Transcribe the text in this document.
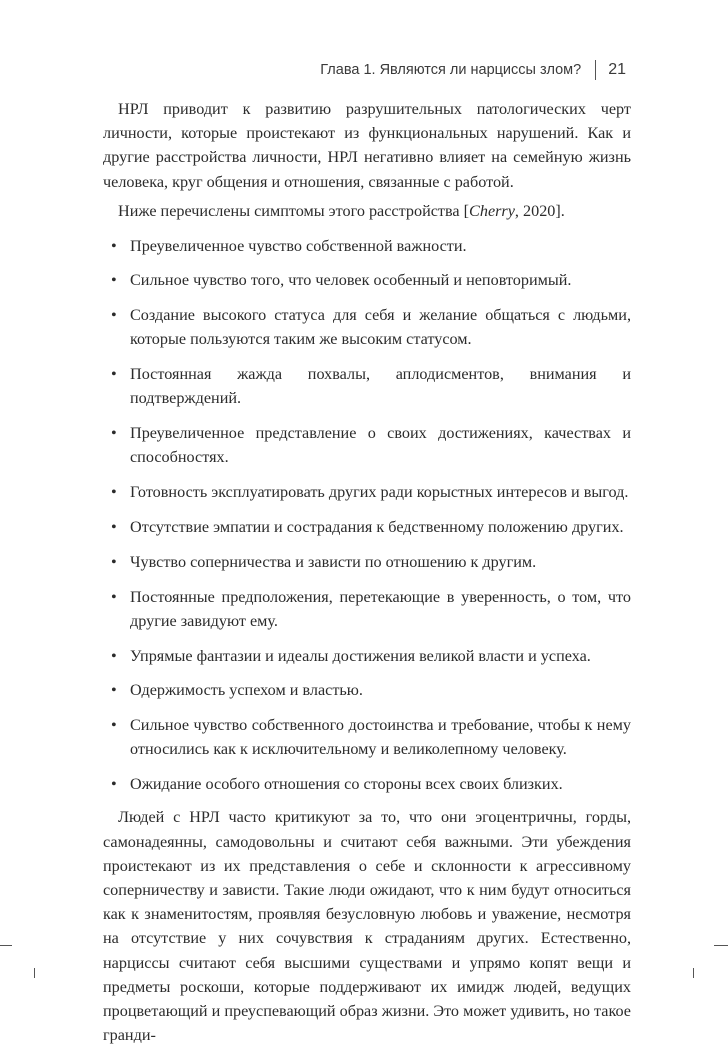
Глава 1. Являются ли нарциссы злом? 21

НРЛ приводит к развитию разрушительных патологических черт личности, которые проистекают из функциональных нарушений. Как и другие расстройства личности, НРЛ негативно влияет на семейную жизнь человека, круг общения и отношения, связанные с работой.

Ниже перечислены симптомы этого расстройства [Cherry, 2020].

• Преувеличенное чувство собственной важности.
• Сильное чувство того, что человек особенный и неповторимый.
• Создание высокого статуса для себя и желание общаться с людьми, которые пользуются таким же высоким статусом.
• Постоянная жажда похвалы, аплодисментов, внимания и подтверждений.
• Преувеличенное представление о своих достижениях, качествах и способностях.
• Готовность эксплуатировать других ради корыстных интересов и выгод.
• Отсутствие эмпатии и сострадания к бедственному положению других.
• Чувство соперничества и зависти по отношению к другим.
• Постоянные предположения, перетекающие в уверенность, о том, что другие завидуют ему.
• Упрямые фантазии и идеалы достижения великой власти и успеха.
• Одержимость успехом и властью.
• Сильное чувство собственного достоинства и требование, чтобы к нему относились как к исключительному и великолепному человеку.
• Ожидание особого отношения со стороны всех своих близких.

Людей с НРЛ часто критикуют за то, что они эгоцентричны, горды, самонадеянны, самодовольны и считают себя важными. Эти убеждения проистекают из их представления о себе и склонности к агрессивному соперничеству и зависти. Такие люди ожидают, что к ним будут относиться как к знаменитостям, проявляя безусловную любовь и уважение, несмотря на отсутствие у них сочувствия к страданиям других. Естественно, нарциссы считают себя высшими существами и упрямо копят вещи и предметы роскоши, которые поддерживают их имидж людей, ведущих процветающий и преуспевающий образ жизни. Это может удивить, но такое гранди-
